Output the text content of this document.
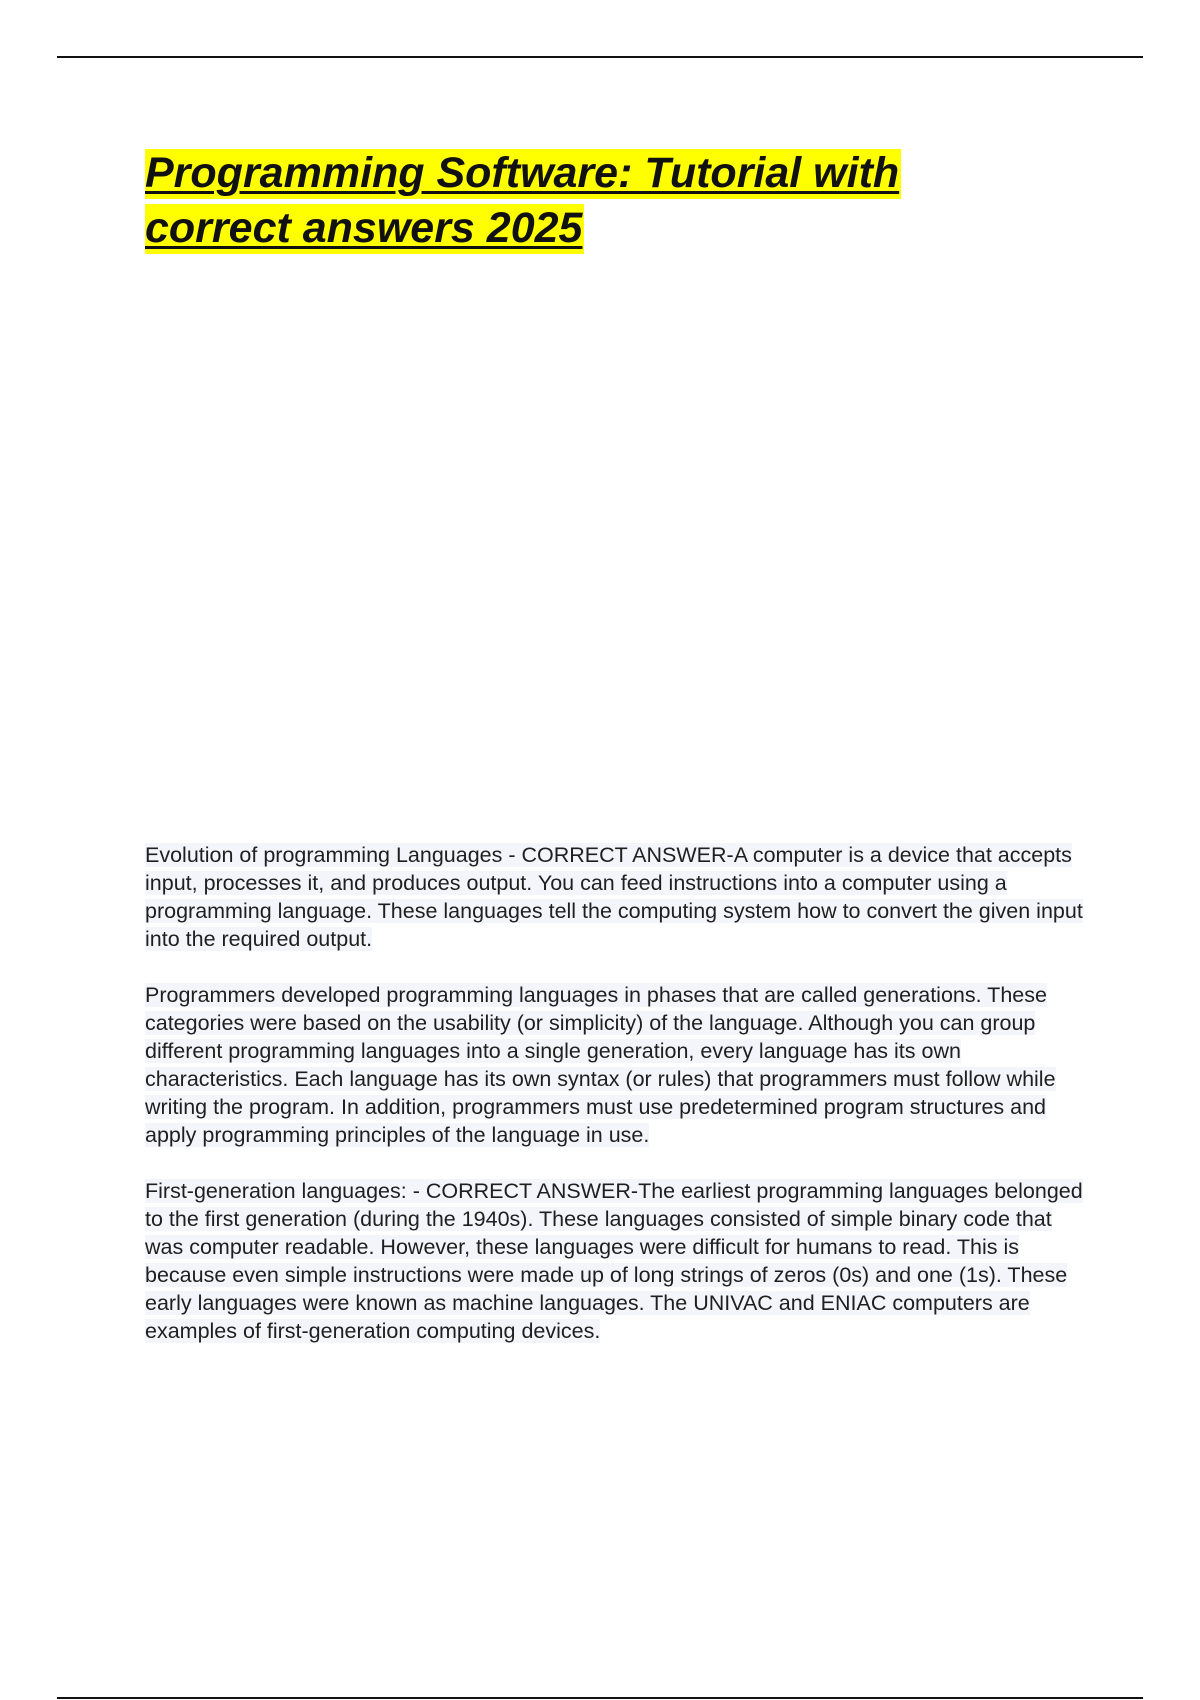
Programming Software: Tutorial with
correct answers 2025

Evolution of programming Languages - CORRECT ANSWER-A computer is a device that accepts input, processes it, and produces output. You can feed instructions into a computer using a programming language. These languages tell the computing system how to convert the given input into the required output.

Programmers developed programming languages in phases that are called generations. These categories were based on the usability (or simplicity) of the language. Although you can group different programming languages into a single generation, every language has its own characteristics. Each language has its own syntax (or rules) that programmers must follow while writing the program. In addition, programmers must use predetermined program structures and apply programming principles of the language in use.

First-generation languages: - CORRECT ANSWER-The earliest programming languages belonged to the first generation (during the 1940s). These languages consisted of simple binary code that was computer readable. However, these languages were difficult for humans to read. This is because even simple instructions were made up of long strings of zeros (0s) and one (1s). These early languages were known as machine languages. The UNIVAC and ENIAC computers are examples of first-generation computing devices.
